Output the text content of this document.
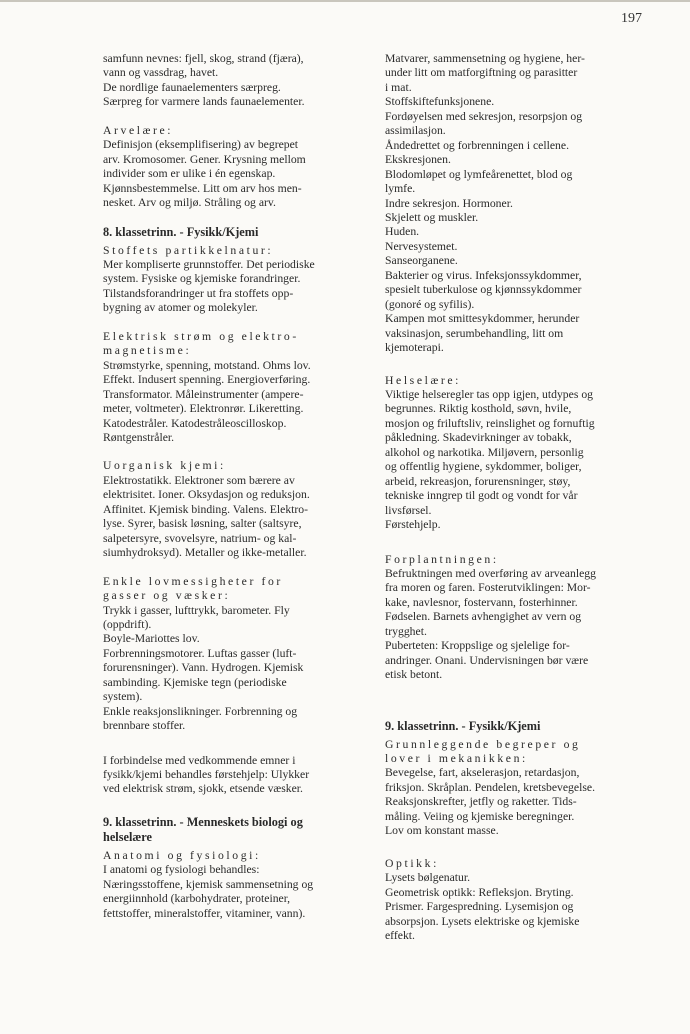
197
samfunn nevnes: fjell, skog, strand (fjæra),
vann og vassdrag, havet.
De nordlige faunaelementers særpreg.
Særpreg for varmere lands faunaelementer.
Arvelære:
Definisjon (eksemplifisering) av begrepet
arv. Kromosomer. Gener. Krysning mellom
individer som er ulike i én egenskap.
Kjønnsbestemmelse. Litt om arv hos men-
nesket. Arv og miljø. Stråling og arv.
8. klassetrinn. - Fysikk/Kjemi
Stoffets partikkelnatur:
Mer kompliserte grunnstoffer. Det periodiske
system. Fysiske og kjemiske forandringer.
Tilstandsforandringer ut fra stoffets opp-
bygning av atomer og molekyler.
Elektrisk strøm og elektro-
magnetisme:
Strømstyrke, spenning, motstand. Ohms lov.
Effekt. Indusert spenning. Energioverføring.
Transformator. Måleinstrumenter (ampere-
meter, voltmeter). Elektronrør. Likeretting.
Katodestråler. Katodestråleoscilloskop.
Røntgenstråler.
Uorganisk kjemi:
Elektrostatikk. Elektroner som bærere av
elektrisitet. Ioner. Oksydasjon og reduksjon.
Affinitet. Kjemisk binding. Valens. Elektro-
lyse. Syrer, basisk løsning, salter (saltsyre,
salpetersyre, svovelsyre, natrium- og kal-
siumhydroksyd). Metaller og ikke-metaller.
Enkle lovmessigheter for
gasser og væsker:
Trykk i gasser, lufttrykk, barometer. Fly
(oppdrift).
Boyle-Mariottes lov.
Forbrenningsmotorer. Luftas gasser (luft-
forurensninger). Vann. Hydrogen. Kjemisk
sambinding. Kjemiske tegn (periodiske
system).
Enkle reaksjonslikninger. Forbrenning og
brennbare stoffer.
I forbindelse med vedkommende emner i
fysikk/kjemi behandles førstehjelp: Ulykker
ved elektrisk strøm, sjokk, etsende væsker.
9. klassetrinn. - Menneskets biologi og
helselære
Anatomi og fysiologi:
I anatomi og fysiologi behandles:
Næringsstoffene, kjemisk sammensetning og
energiinnhold (karbohydrater, proteiner,
fettstoffer, mineralstoffer, vitaminer, vann).
Matvarer, sammensetning og hygiene, her-
under litt om matforgiftning og parasitter
i mat.
Stoffskiftefunksjonene.
Fordøyelsen med sekresjon, resorpsjon og
assimilasjon.
Åndedrettet og forbrenningen i cellene.
Ekskresjonen.
Blodomløpet og lymfeårenettet, blod og
lymfe.
Indre sekresjon. Hormoner.
Skjelett og muskler.
Huden.
Nervesystemet.
Sanseorganene.
Bakterier og virus. Infeksjonssykdommer,
spesielt tuberkulose og kjønnssykdommer
(gonoré og syfilis).
Kampen mot smittesykdommer, herunder
vaksinasjon, serumbehandling, litt om
kjemoterapi.
Helselære:
Viktige helseregler tas opp igjen, utdypes og
begrunnes. Riktig kosthold, søvn, hvile,
mosjon og friluftsliv, reinslighet og fornuftig
påkledning. Skadevirkninger av tobakk,
alkohol og narkotika. Miljøvern, personlig
og offentlig hygiene, sykdommer, boliger,
arbeid, rekreasjon, forurensninger, støy,
tekniske inngrep til godt og vondt for vår
livsførsel.
Førstehjelp.
Forplantningen:
Befruktningen med overføring av arveanlegg
fra moren og faren. Fosterutviklingen: Mor-
kake, navlesnor, fostervann, fosterhinner.
Fødselen. Barnets avhengighet av vern og
trygghet.
Puberteten: Kroppslige og sjelelige for-
andringer. Onani. Undervisningen bør være
etisk betont.
9. klassetrinn. - Fysikk/Kjemi
Grunnleggende begreper og
lover i mekanikken:
Bevegelse, fart, akselerasjon, retardasjon,
friksjon. Skråplan. Pendelen, kretsbevegelse.
Reaksjonskrefter, jetfly og raketter. Tids-
måling. Veiing og kjemiske beregninger.
Lov om konstant masse.
Optikk:
Lysets bølgenatur.
Geometrisk optikk: Refleksjon. Bryting.
Prismer. Fargespredning. Lysemisjon og
absorpsjon. Lysets elektriske og kjemiske
effekt.
